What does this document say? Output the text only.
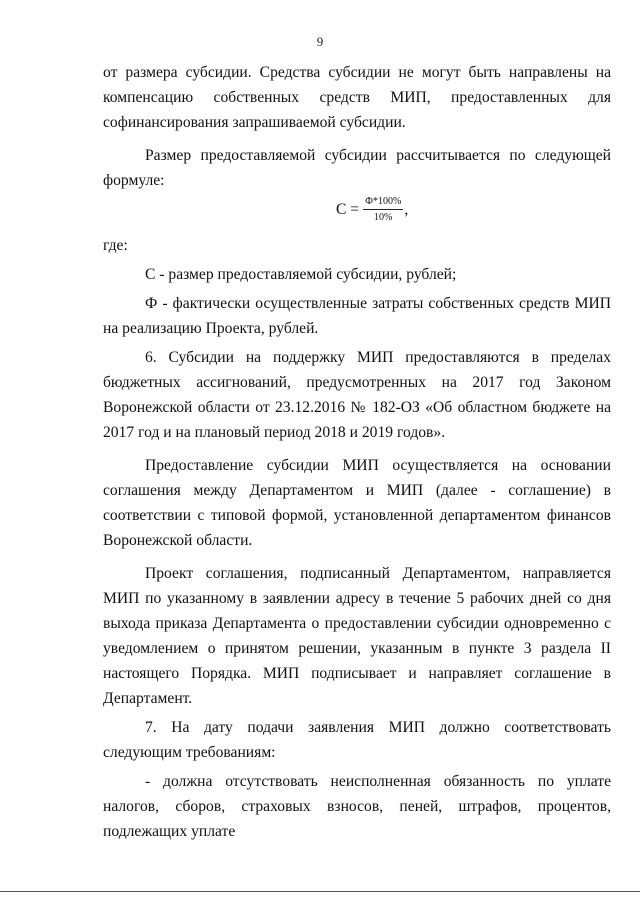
9

от размера субсидии. Средства субсидии не могут быть направлены на компенсацию собственных средств МИП, предоставленных для софинансирования запрашиваемой субсидии.

Размер предоставляемой субсидии рассчитывается по следующей формуле:

$С = \frac{Ф*100\%}{10\%}$ ,

где:

С - размер предоставляемой субсидии, рублей;

Ф - фактически осуществленные затраты собственных средств МИП на реализацию Проекта, рублей.

6. Субсидии на поддержку МИП предоставляются в пределах бюджетных ассигнований, предусмотренных на 2017 год Законом Воронежской области от 23.12.2016 № 182-ОЗ «Об областном бюджете на 2017 год и на плановый период 2018 и 2019 годов».

Предоставление субсидии МИП осуществляется на основании соглашения между Департаментом и МИП (далее - соглашение) в соответствии с типовой формой, установленной департаментом финансов Воронежской области.

Проект соглашения, подписанный Департаментом, направляется МИП по указанному в заявлении адресу в течение 5 рабочих дней со дня выхода приказа Департамента о предоставлении субсидии одновременно с уведомлением о принятом решении, указанным в пункте 3 раздела II настоящего Порядка. МИП подписывает и направляет соглашение в Департамент.

7. На дату подачи заявления МИП должно соответствовать следующим требованиям:

- должна отсутствовать неисполненная обязанность по уплате налогов, сборов, страховых взносов, пеней, штрафов, процентов, подлежащих уплате
